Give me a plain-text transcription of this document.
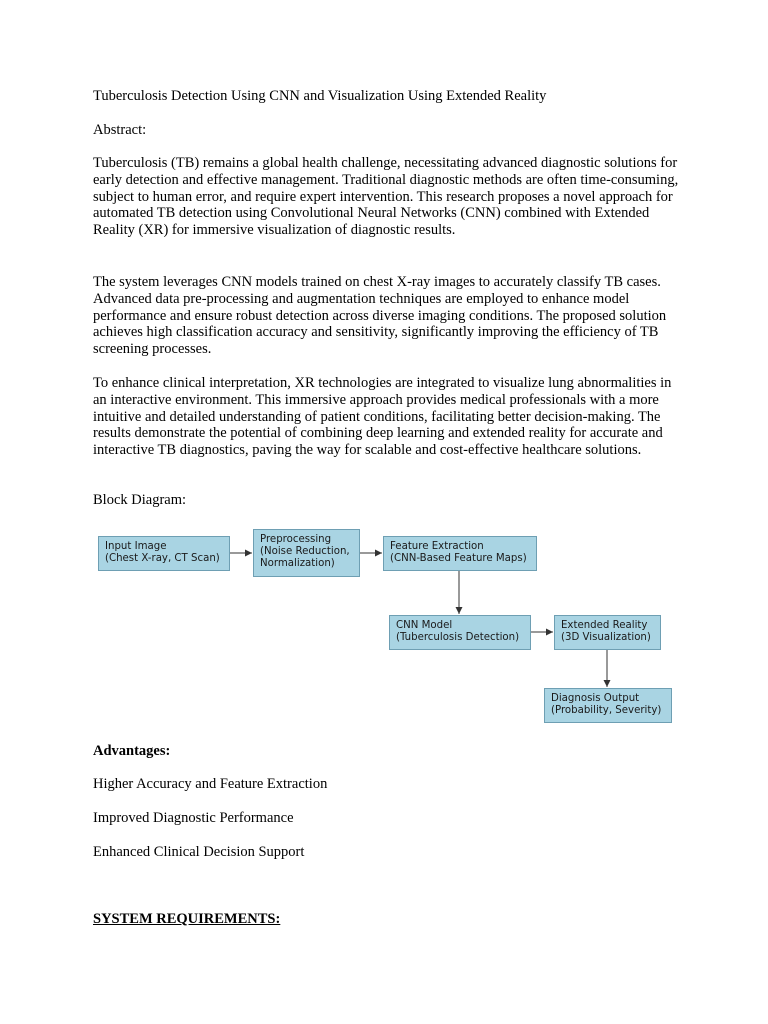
Tuberculosis Detection Using CNN and Visualization Using Extended Reality

Abstract:

Tuberculosis (TB) remains a global health challenge, necessitating advanced diagnostic solutions for early detection and effective management. Traditional diagnostic methods are often time-consuming, subject to human error, and require expert intervention. This research proposes a novel approach for automated TB detection using Convolutional Neural Networks (CNN) combined with Extended Reality (XR) for immersive visualization of diagnostic results.

The system leverages CNN models trained on chest X-ray images to accurately classify TB cases. Advanced data pre-processing and augmentation techniques are employed to enhance model performance and ensure robust detection across diverse imaging conditions. The proposed solution achieves high classification accuracy and sensitivity, significantly improving the efficiency of TB screening processes.

To enhance clinical interpretation, XR technologies are integrated to visualize lung abnormalities in an interactive environment. This immersive approach provides medical professionals with a more intuitive and detailed understanding of patient conditions, facilitating better decision-making. The results demonstrate the potential of combining deep learning and extended reality for accurate and interactive TB diagnostics, paving the way for scalable and cost-effective healthcare solutions.

Block Diagram:

Input Image
(Chest X-ray, CT Scan)
Preprocessing
(Noise Reduction,
Normalization)
Feature Extraction
(CNN-Based Feature Maps)
CNN Model
(Tuberculosis Detection)
Extended Reality
(3D Visualization)
Diagnosis Output
(Probability, Severity)

Advantages:

Higher Accuracy and Feature Extraction

Improved Diagnostic Performance

Enhanced Clinical Decision Support

SYSTEM REQUIREMENTS:
